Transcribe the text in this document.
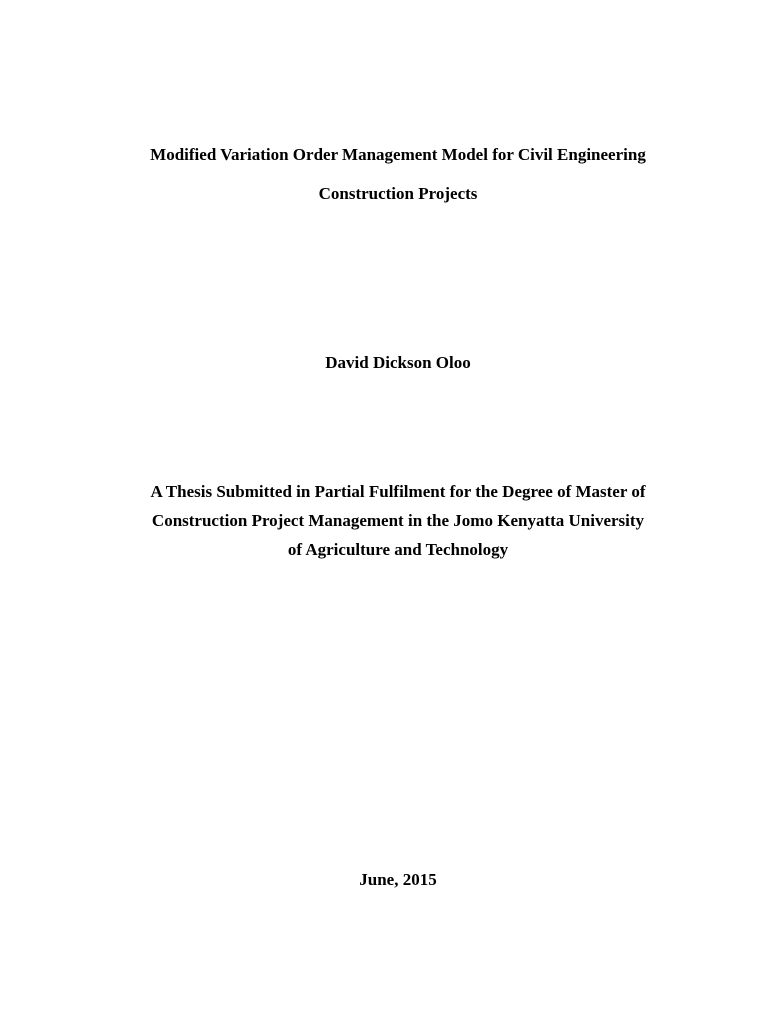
Modified Variation Order Management Model for Civil Engineering
Construction Projects
David Dickson Oloo
A Thesis Submitted in Partial Fulfilment for the Degree of Master of
Construction Project Management in the Jomo Kenyatta University
of Agriculture and Technology
June, 2015
